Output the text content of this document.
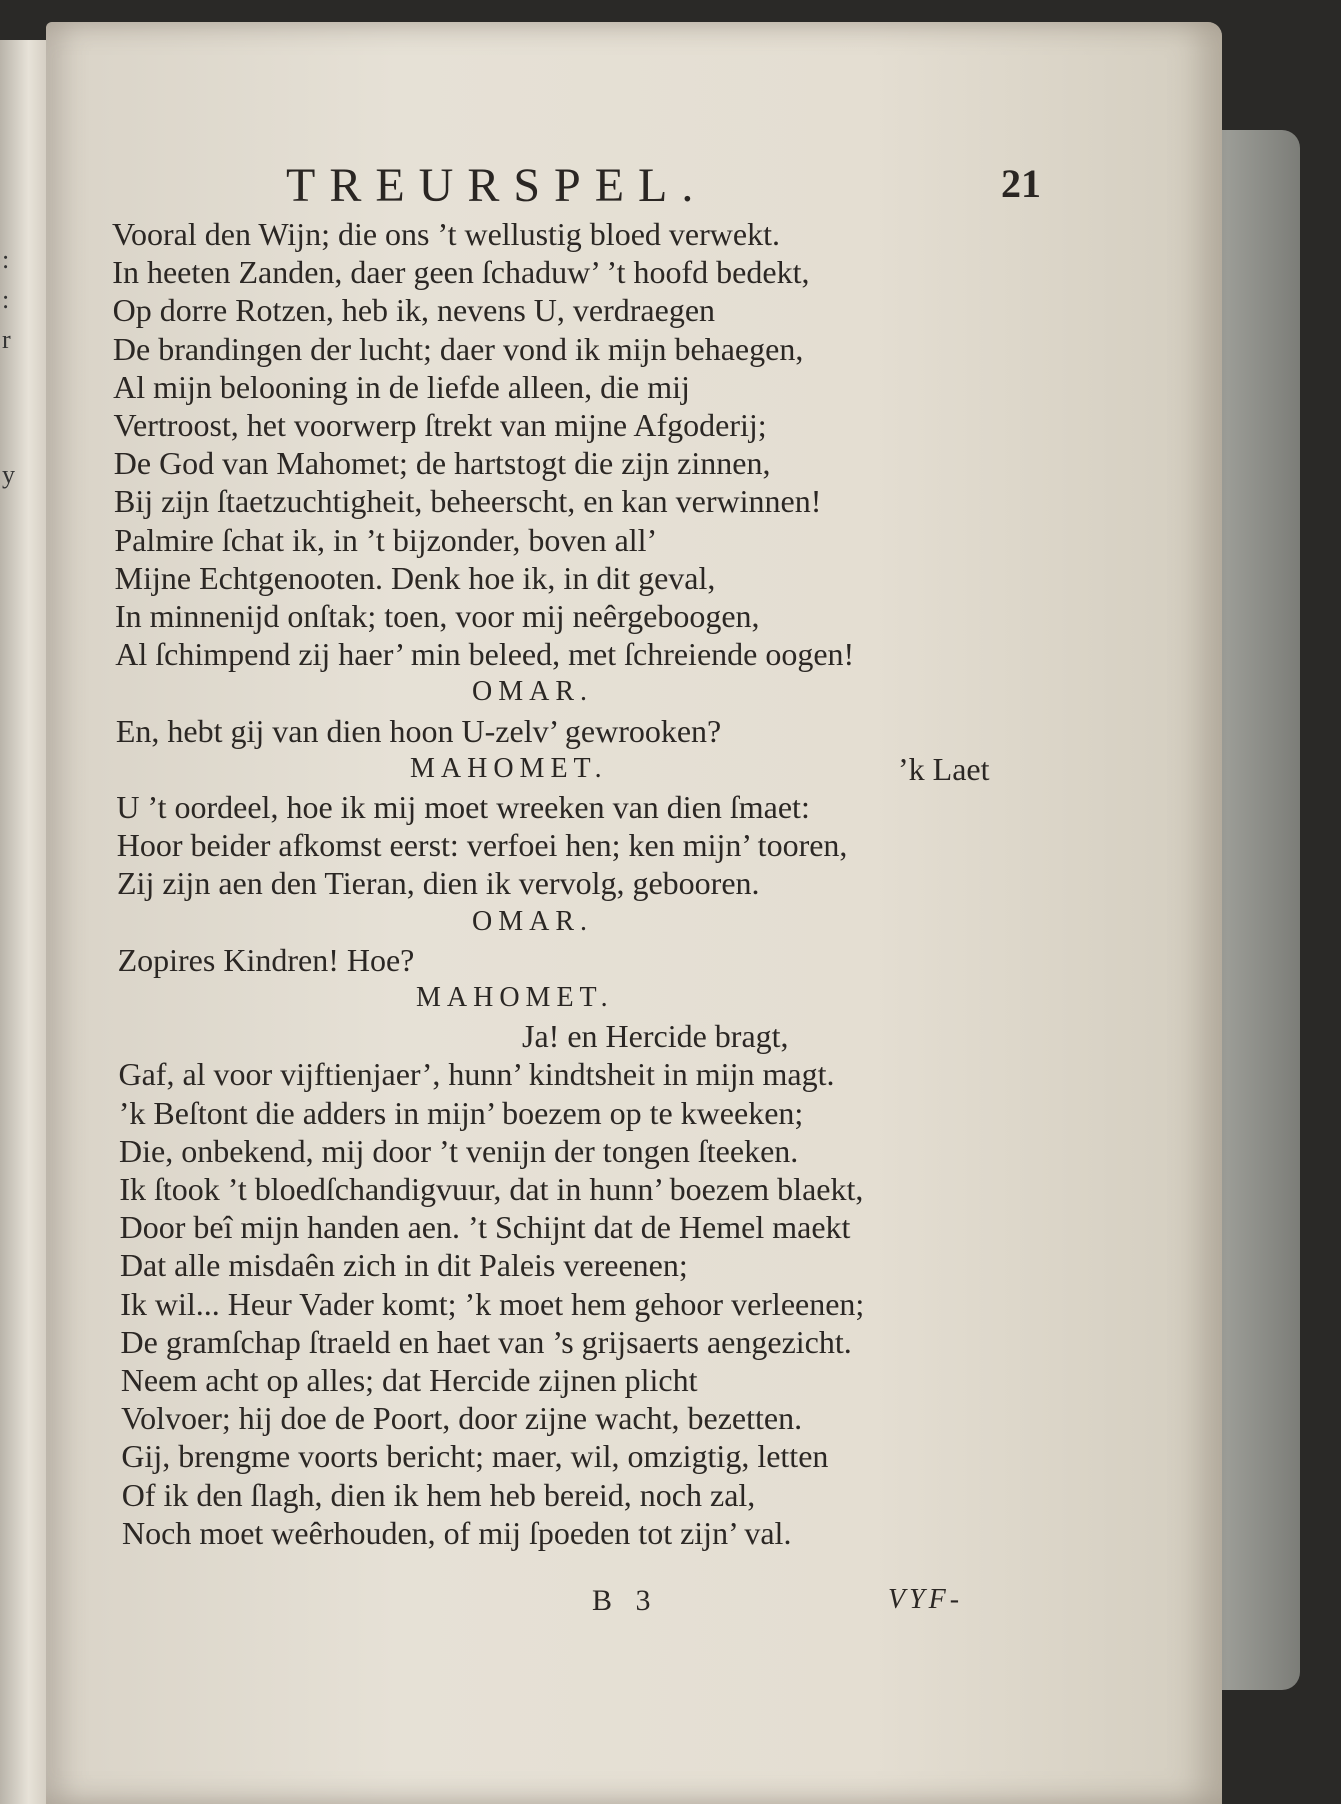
:
:
r
y
TREURSPEL.	21
Vooral den Wijn; die ons ’t wellustig bloed verwekt.
In heeten Zanden, daer geen ſchaduw’ ’t hoofd bedekt,
Op dorre Rotzen, heb ik, nevens U, verdraegen
De brandingen der lucht; daer vond ik mijn behaegen,
Al mijn belooning in de liefde alleen, die mij
Vertroost, het voorwerp ſtrekt van mijne Afgoderij;
De God van Mahomet; de hartstogt die zijn zinnen,
Bij zijn ſtaetzuchtigheit, beheerscht, en kan verwinnen!
Palmire ſchat ik, in ’t bijzonder, boven all’
Mijne Echtgenooten. Denk hoe ik, in dit geval,
In minnenijd onſtak; toen, voor mij neêrgeboogen,
Al ſchimpend zij haer’ min beleed, met ſchreiende oogen!
OMAR.
En, hebt gij van dien hoon U-zelv’ gewrooken?
MAHOMET.	’k Laet
U ’t oordeel, hoe ik mij moet wreeken van dien ſmaet:
Hoor beider afkomst eerst: verfoei hen; ken mijn’ tooren,
Zij zijn aen den Tieran, dien ik vervolg, gebooren.
OMAR.
Zopires Kindren! Hoe?
MAHOMET.
Ja! en Hercide bragt,
Gaf, al voor vijftienjaer’, hunn’ kindtsheit in mijn magt.
’k Beſtont die adders in mijn’ boezem op te kweeken;
Die, onbekend, mij door ’t venijn der tongen ſteeken.
Ik ſtook ’t bloedſchandigvuur, dat in hunn’ boezem blaekt,
Door beî mijn handen aen. ’t Schijnt dat de Hemel maekt
Dat alle misdaên zich in dit Paleis vereenen;
Ik wil... Heur Vader komt; ’k moet hem gehoor verleenen;
De gramſchap ſtraeld en haet van ’s grijsaerts aengezicht.
Neem acht op alles; dat Hercide zijnen plicht
Volvoer; hij doe de Poort, door zijne wacht, bezetten.
Gij, brengme voorts bericht; maer, wil, omzigtig, letten
Of ik den ſlagh, dien ik hem heb bereid, noch zal,
Noch moet weêrhouden, of mij ſpoeden tot zijn’ val.
B 3	VYF-
